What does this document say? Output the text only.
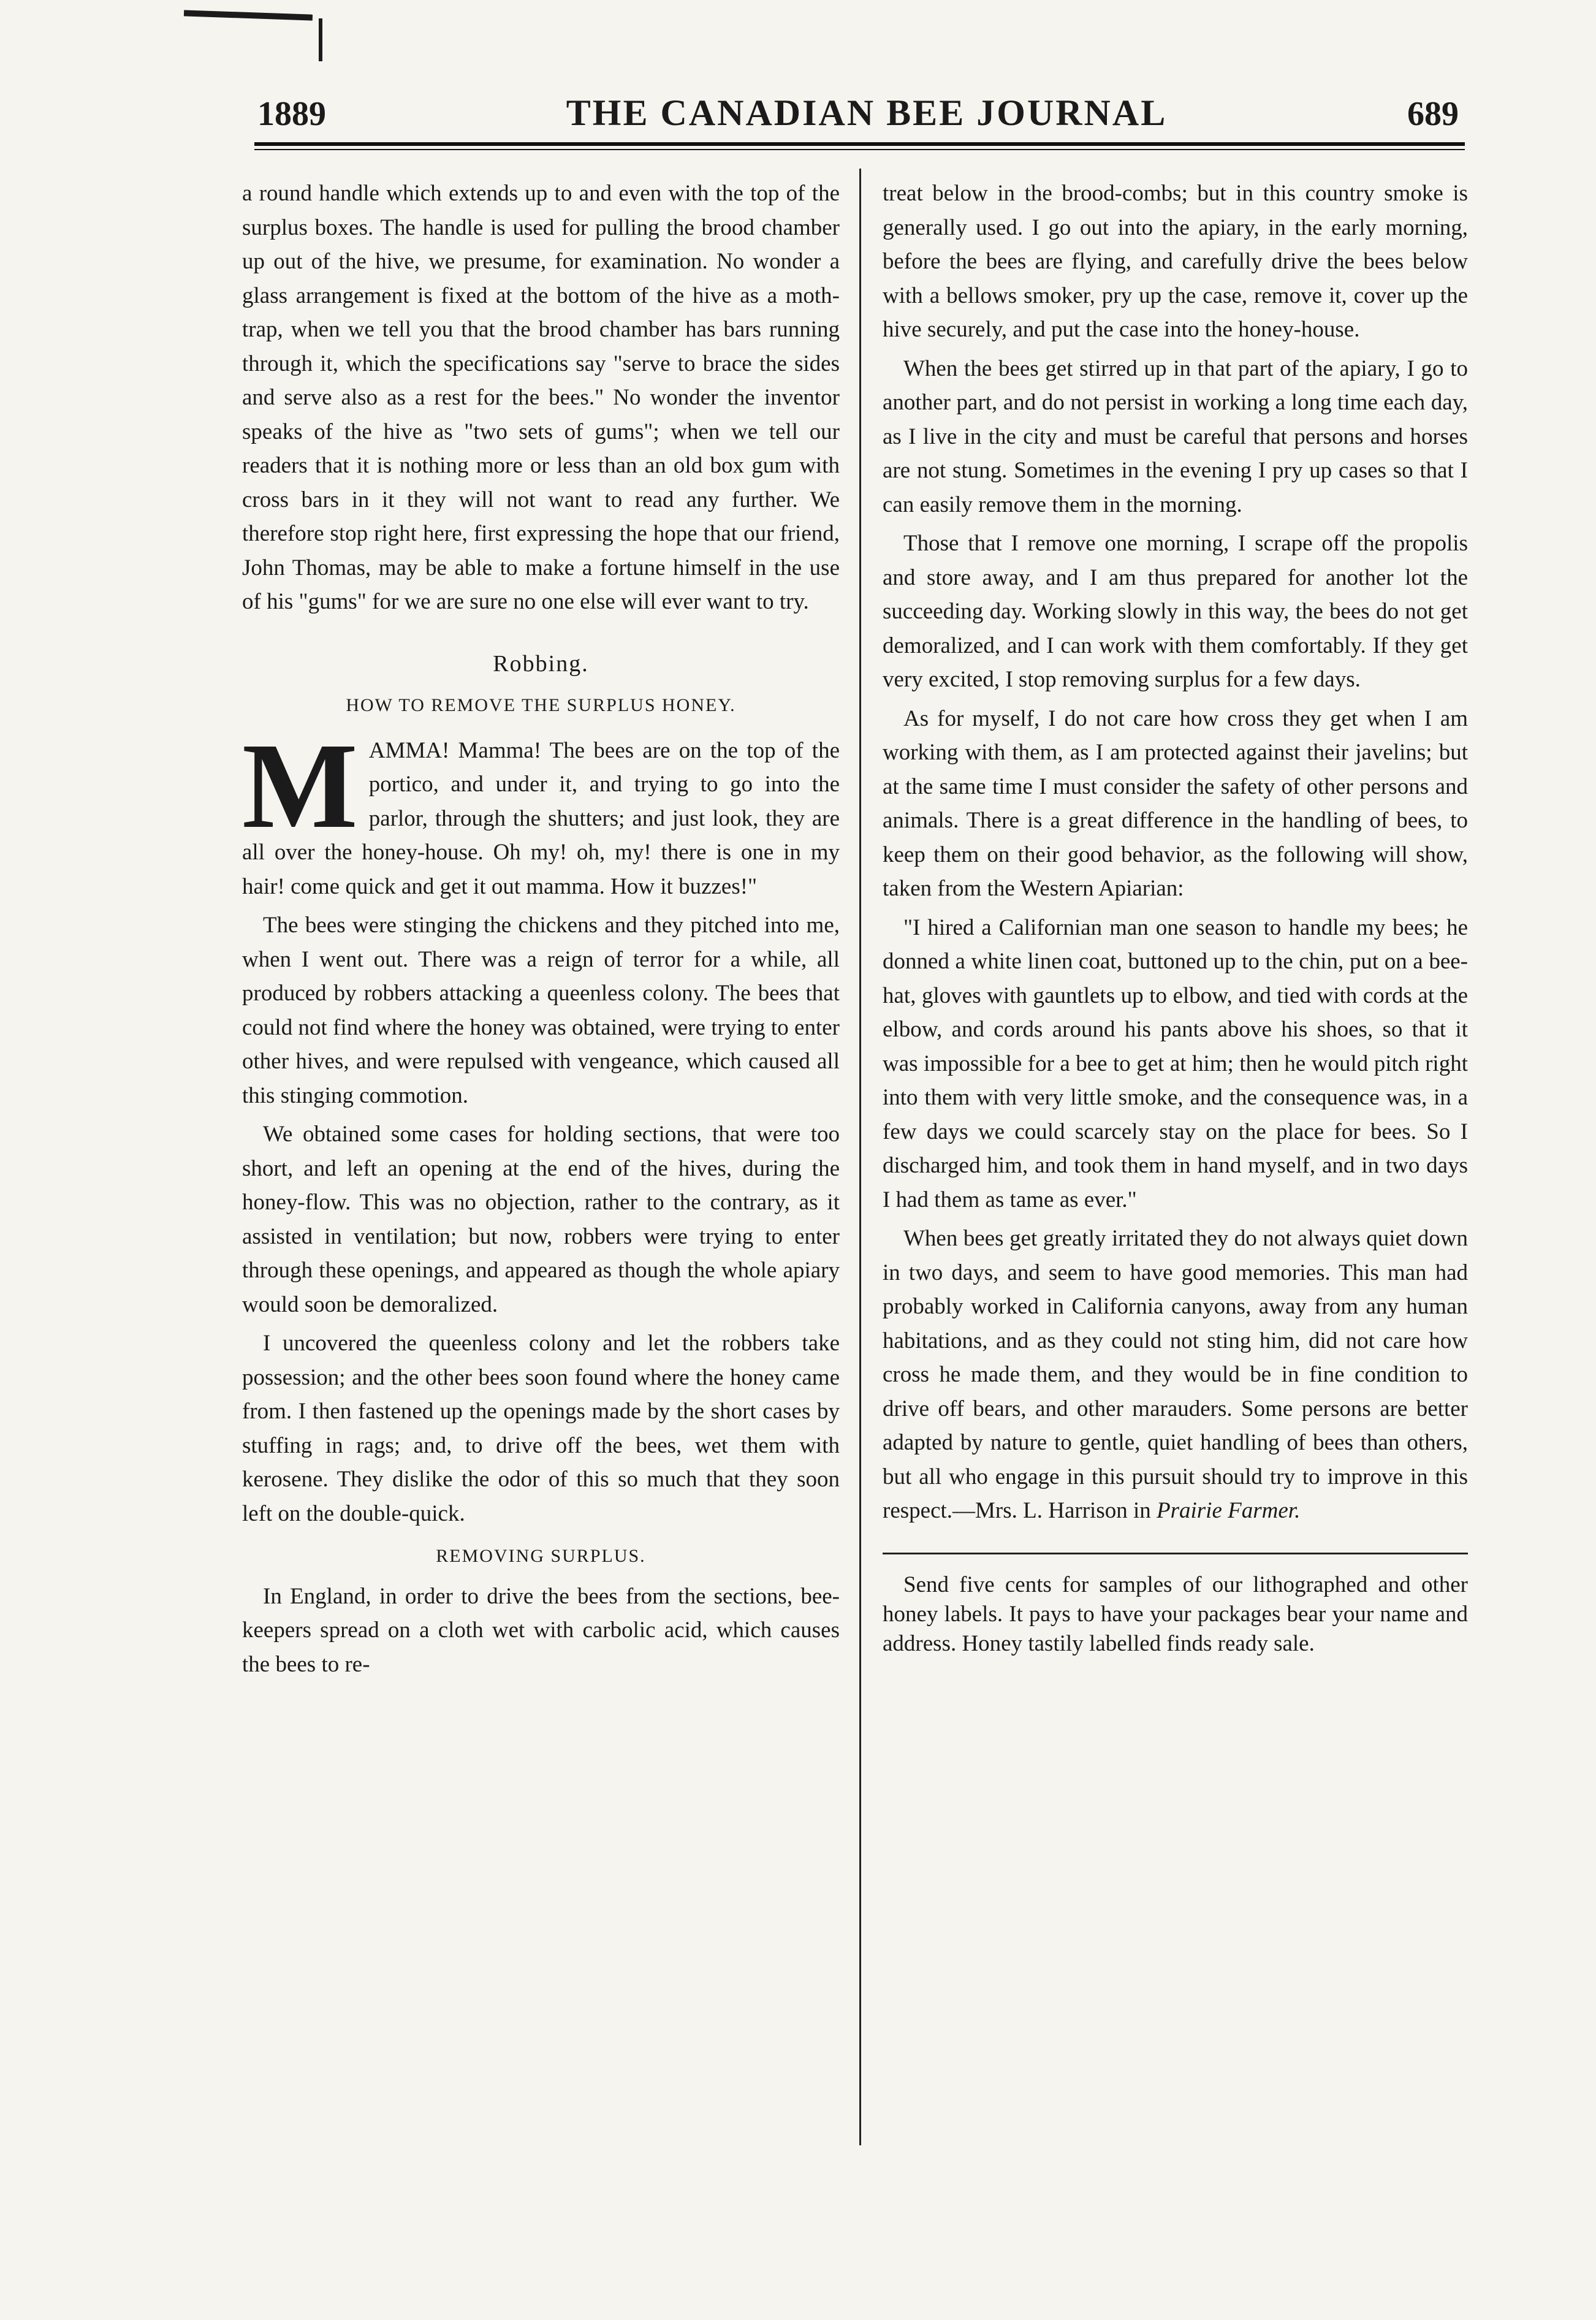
1889	THE CANADIAN BEE JOURNAL	689

a round handle which extends up to and even with the top of the surplus boxes. The handle is used for pulling the brood chamber up out of the hive, we presume, for examination. No wonder a glass arrangement is fixed at the bottom of the hive as a moth-trap, when we tell you that the brood chamber has bars running through it, which the specifications say "serve to brace the sides and serve also as a rest for the bees." No wonder the inventor speaks of the hive as "two sets of gums"; when we tell our readers that it is nothing more or less than an old box gum with cross bars in it they will not want to read any further. We therefore stop right here, first expressing the hope that our friend, John Thomas, may be able to make a fortune himself in the use of his "gums" for we are sure no one else will ever want to try.

Robbing.
HOW TO REMOVE THE SURPLUS HONEY.

MAMMA! Mamma! The bees are on the top of the portico, and under it, and trying to go into the parlor, through the shutters; and just look, they are all over the honey-house. Oh my! oh, my! there is one in my hair! come quick and get it out mamma. How it buzzes!"

The bees were stinging the chickens and they pitched into me, when I went out. There was a reign of terror for a while, all produced by robbers attacking a queenless colony. The bees that could not find where the honey was obtained, were trying to enter other hives, and were repulsed with vengeance, which caused all this stinging commotion.

We obtained some cases for holding sections, that were too short, and left an opening at the end of the hives, during the honey-flow. This was no objection, rather to the contrary, as it assisted in ventilation; but now, robbers were trying to enter through these openings, and appeared as though the whole apiary would soon be demoralized.

I uncovered the queenless colony and let the robbers take possession; and the other bees soon found where the honey came from. I then fastened up the openings made by the short cases by stuffing in rags; and, to drive off the bees, wet them with kerosene. They dislike the odor of this so much that they soon left on the double-quick.

REMOVING SURPLUS.

In England, in order to drive the bees from the sections, bee-keepers spread on a cloth wet with carbolic acid, which causes the bees to re-

treat below in the brood-combs; but in this country smoke is generally used. I go out into the apiary, in the early morning, before the bees are flying, and carefully drive the bees below with a bellows smoker, pry up the case, remove it, cover up the hive securely, and put the case into the honey-house.

When the bees get stirred up in that part of the apiary, I go to another part, and do not persist in working a long time each day, as I live in the city and must be careful that persons and horses are not stung. Sometimes in the evening I pry up cases so that I can easily remove them in the morning.

Those that I remove one morning, I scrape off the propolis and store away, and I am thus prepared for another lot the succeeding day. Working slowly in this way, the bees do not get demoralized, and I can work with them comfortably. If they get very excited, I stop removing surplus for a few days.

As for myself, I do not care how cross they get when I am working with them, as I am protected against their javelins; but at the same time I must consider the safety of other persons and animals. There is a great difference in the handling of bees, to keep them on their good behavior, as the following will show, taken from the Western Apiarian:

"I hired a Californian man one season to handle my bees; he donned a white linen coat, buttoned up to the chin, put on a bee-hat, gloves with gauntlets up to elbow, and tied with cords at the elbow, and cords around his pants above his shoes, so that it was impossible for a bee to get at him; then he would pitch right into them with very little smoke, and the consequence was, in a few days we could scarcely stay on the place for bees. So I discharged him, and took them in hand myself, and in two days I had them as tame as ever."

When bees get greatly irritated they do not always quiet down in two days, and seem to have good memories. This man had probably worked in California canyons, away from any human habitations, and as they could not sting him, did not care how cross he made them, and they would be in fine condition to drive off bears, and other marauders. Some persons are better adapted by nature to gentle, quiet handling of bees than others, but all who engage in this pursuit should try to improve in this respect.—Mrs. L. Harrison in Prairie Farmer.

Send five cents for samples of our lithographed and other honey labels. It pays to have your packages bear your name and address. Honey tastily labelled finds ready sale.
